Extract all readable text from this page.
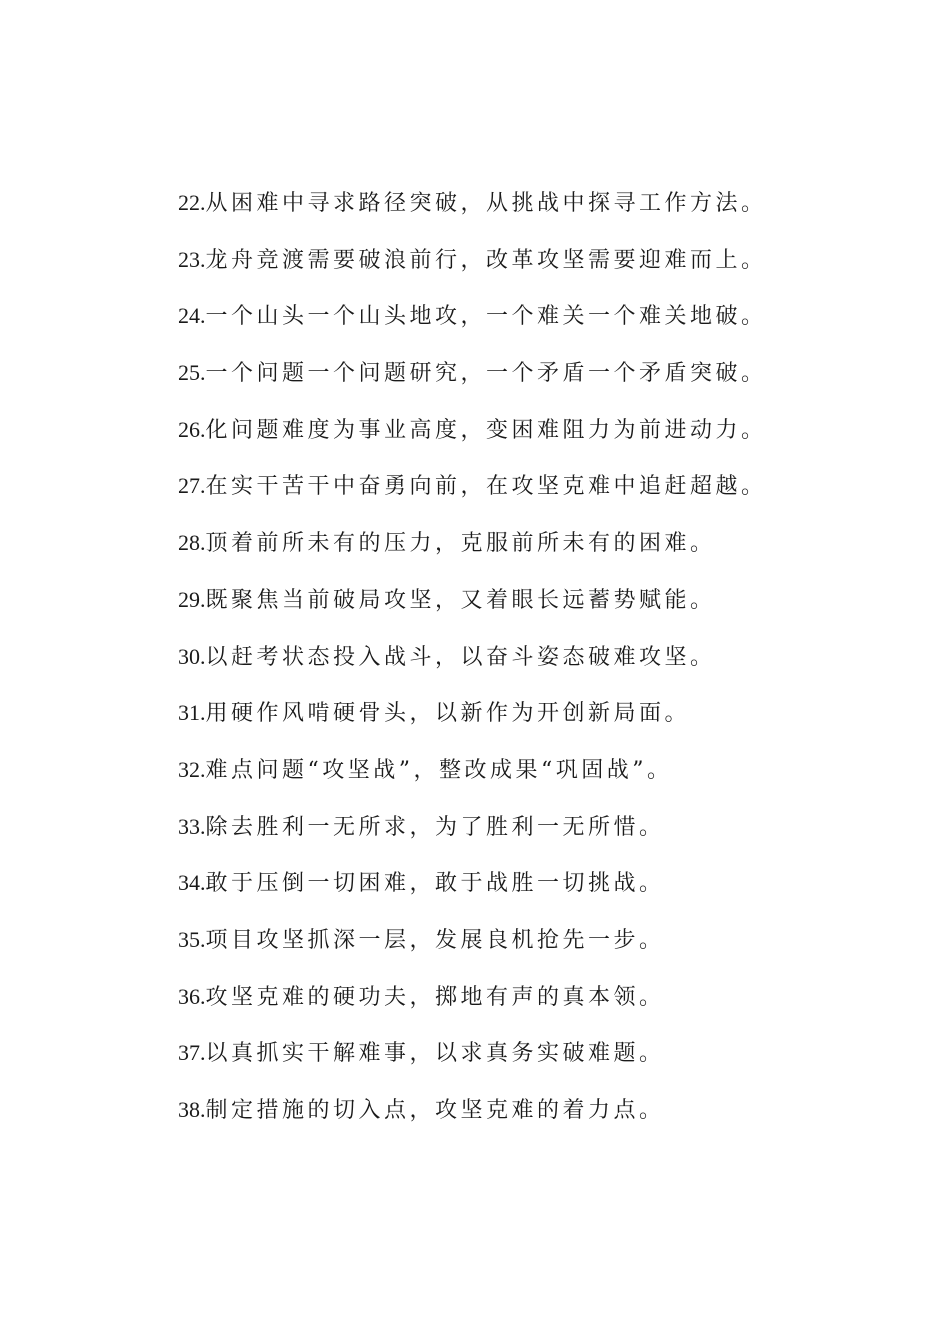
22.从困难中寻求路径突破，从挑战中探寻工作方法。
23.龙舟竞渡需要破浪前行，改革攻坚需要迎难而上。
24.一个山头一个山头地攻，一个难关一个难关地破。
25.一个问题一个问题研究，一个矛盾一个矛盾突破。
26.化问题难度为事业高度，变困难阻力为前进动力。
27.在实干苦干中奋勇向前，在攻坚克难中追赶超越。
28.顶着前所未有的压力，克服前所未有的困难。
29.既聚焦当前破局攻坚，又着眼长远蓄势赋能。
30.以赶考状态投入战斗，以奋斗姿态破难攻坚。
31.用硬作风啃硬骨头，以新作为开创新局面。
32.难点问题“攻坚战”，整改成果“巩固战”。
33.除去胜利一无所求，为了胜利一无所惜。
34.敢于压倒一切困难，敢于战胜一切挑战。
35.项目攻坚抓深一层，发展良机抢先一步。
36.攻坚克难的硬功夫，掷地有声的真本领。
37.以真抓实干解难事，以求真务实破难题。
38.制定措施的切入点，攻坚克难的着力点。
